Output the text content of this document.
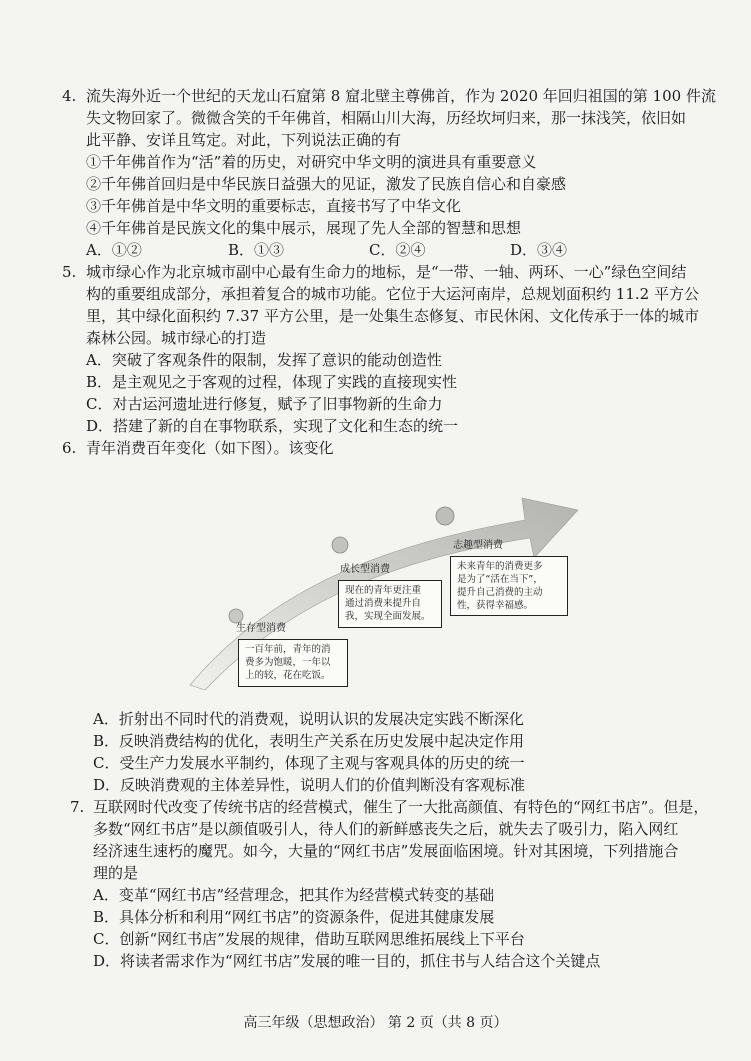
4. 流失海外近一个世纪的天龙山石窟第 8 窟北壁主尊佛首，作为 2020 年回归祖国的第 100 件流
失文物回家了。微微含笑的千年佛首，相隔山川大海，历经坎坷归来，那一抹浅笑，依旧如
此平静、安详且笃定。对此，下列说法正确的有
①千年佛首作为“活”着的历史，对研究中华文明的演进具有重要意义
②千年佛首回归是中华民族日益强大的见证，激发了民族自信心和自豪感
③千年佛首是中华文明的重要标志，直接书写了中华文化
④千年佛首是民族文化的集中展示，展现了先人全部的智慧和思想
A．①②	B．①③	C．②④	D．③④
5. 城市绿心作为北京城市副中心最有生命力的地标，是“一带、一轴、两环、一心”绿色空间结
构的重要组成部分，承担着复合的城市功能。它位于大运河南岸，总规划面积约 11.2 平方公
里，其中绿化面积约 7.37 平方公里，是一处集生态修复、市民休闲、文化传承于一体的城市
森林公园。城市绿心的打造
A．突破了客观条件的限制，发挥了意识的能动创造性
B．是主观见之于客观的过程，体现了实践的直接现实性
C．对古运河遗址进行修复，赋予了旧事物新的生命力
D．搭建了新的自在事物联系，实现了文化和生态的统一
6. 青年消费百年变化（如下图）。该变化
生存型消费
成长型消费
志趣型消费
一百年前，青年的消
费多为饱暖，一年以
上的较，花在吃饭。
现在的青年更注重
通过消费来提升自
我，实现全面发展。
未来青年的消费更多
是为了“活在当下”，
提升自己消费的主动
性，获得幸福感。
A．折射出不同时代的消费观，说明认识的发展决定实践不断深化
B．反映消费结构的优化，表明生产关系在历史发展中起决定作用
C．受生产力发展水平制约，体现了主观与客观具体的历史的统一
D．反映消费观的主体差异性，说明人们的价值判断没有客观标准
7. 互联网时代改变了传统书店的经营模式，催生了一大批高颜值、有特色的“网红书店”。但是，
多数“网红书店”是以颜值吸引人，待人们的新鲜感丧失之后，就失去了吸引力，陷入网红
经济速生速朽的魔咒。如今，大量的“网红书店”发展面临困境。针对其困境，下列措施合
理的是
A．变革“网红书店”经营理念，把其作为经营模式转变的基础
B．具体分析和利用“网红书店”的资源条件，促进其健康发展
C．创新“网红书店”发展的规律，借助互联网思维拓展线上下平台
D．将读者需求作为“网红书店”发展的唯一目的，抓住书与人结合这个关键点
高三年级（思想政治） 第 2 页（共 8 页）
